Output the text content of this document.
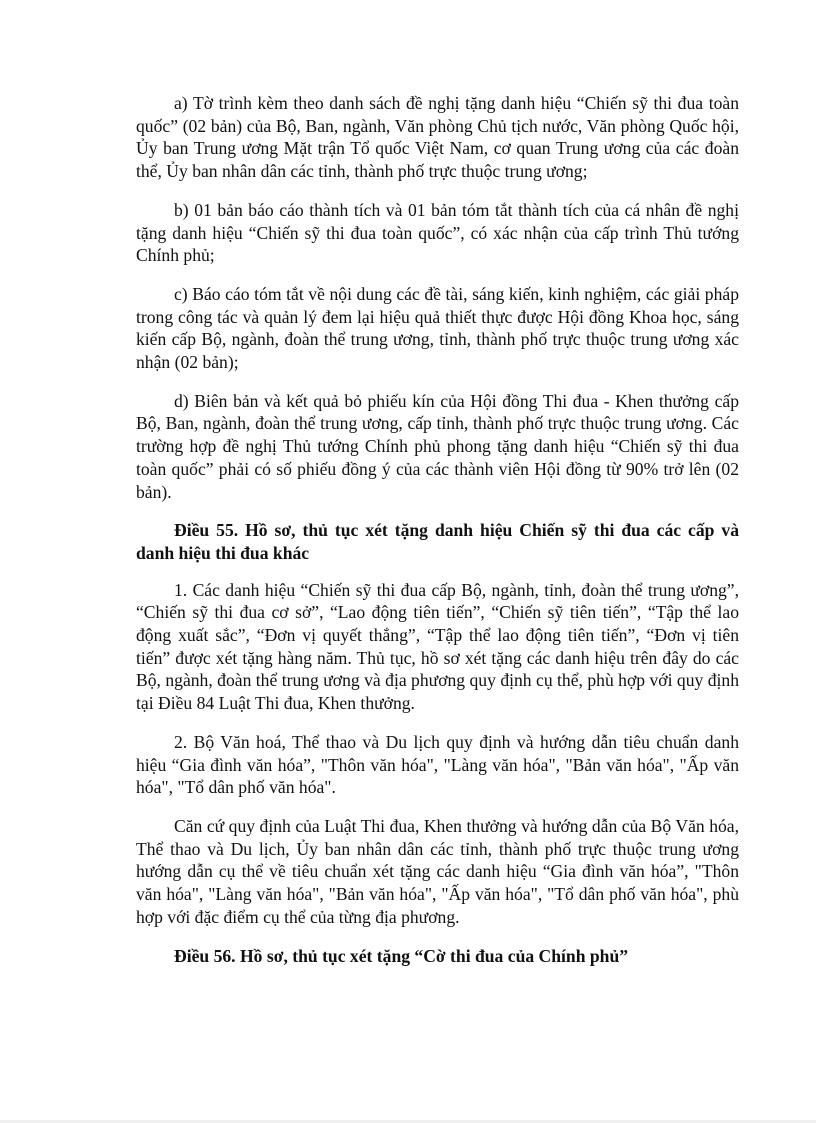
a) Tờ trình kèm theo danh sách đề nghị tặng danh hiệu “Chiến sỹ thi đua toàn quốc” (02 bản) của Bộ, Ban, ngành, Văn phòng Chủ tịch nước, Văn phòng Quốc hội, Ủy ban Trung ương Mặt trận Tổ quốc Việt Nam, cơ quan Trung ương của các đoàn thể, Ủy ban nhân dân các tỉnh, thành phố trực thuộc trung ương;

b) 01 bản báo cáo thành tích và 01 bản tóm tắt thành tích của cá nhân đề nghị tặng danh hiệu “Chiến sỹ thi đua toàn quốc”, có xác nhận của cấp trình Thủ tướng Chính phủ;

c) Báo cáo tóm tắt về nội dung các đề tài, sáng kiến, kinh nghiệm, các giải pháp trong công tác và quản lý đem lại hiệu quả thiết thực được Hội đồng Khoa học, sáng kiến cấp Bộ, ngành, đoàn thể trung ương, tỉnh, thành phố trực thuộc trung ương xác nhận (02 bản);

d) Biên bản và kết quả bỏ phiếu kín của Hội đồng Thi đua - Khen thưởng cấp Bộ, Ban, ngành, đoàn thể trung ương, cấp tỉnh, thành phố trực thuộc trung ương. Các trường hợp đề nghị Thủ tướng Chính phủ phong tặng danh hiệu “Chiến sỹ thi đua toàn quốc” phải có số phiếu đồng ý của các thành viên Hội đồng từ 90% trở lên (02 bản).

Điều 55. Hồ sơ, thủ tục xét tặng danh hiệu Chiến sỹ thi đua các cấp và danh hiệu thi đua khác

1. Các danh hiệu “Chiến sỹ thi đua cấp Bộ, ngành, tỉnh, đoàn thể trung ương”, “Chiến sỹ thi đua cơ sở”, “Lao động tiên tiến”, “Chiến sỹ tiên tiến”, “Tập thể lao động xuất sắc”, “Đơn vị quyết thắng”, “Tập thể lao động tiên tiến”, “Đơn vị tiên tiến” được xét tặng hàng năm. Thủ tục, hồ sơ xét tặng các danh hiệu trên đây do các Bộ, ngành, đoàn thể trung ương và địa phương quy định cụ thể, phù hợp với quy định tại Điều 84 Luật Thi đua, Khen thưởng.

2. Bộ Văn hoá, Thể thao và Du lịch quy định và hướng dẫn tiêu chuẩn danh hiệu “Gia đình văn hóa”, "Thôn văn hóa", "Làng văn hóa", "Bản văn hóa", "Ấp văn hóa", "Tổ dân phố văn hóa".

Căn cứ quy định của Luật Thi đua, Khen thưởng và hướng dẫn của Bộ Văn hóa, Thể thao và Du lịch, Ủy ban nhân dân các tỉnh, thành phố trực thuộc trung ương hướng dẫn cụ thể về tiêu chuẩn xét tặng các danh hiệu “Gia đình văn hóa”, "Thôn văn hóa", "Làng văn hóa", "Bản văn hóa", "Ấp văn hóa", "Tổ dân phố văn hóa", phù hợp với đặc điểm cụ thể của từng địa phương.

Điều 56. Hồ sơ, thủ tục xét tặng “Cờ thi đua của Chính phủ”
